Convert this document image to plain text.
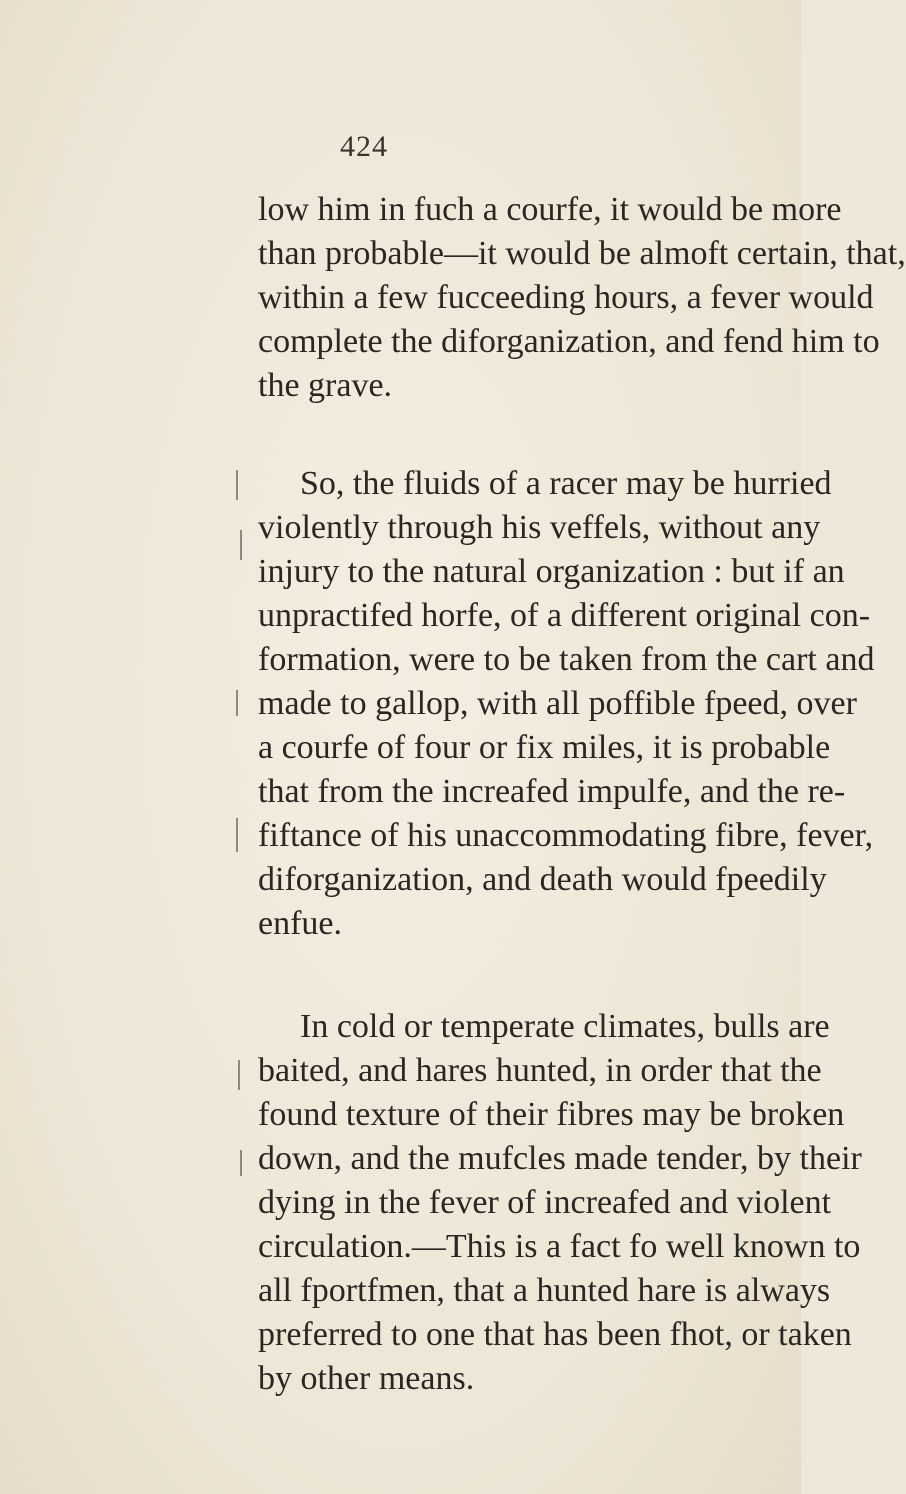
424
low him in fuch a courfe, it would be more
than probable—it would be almoft certain, that,
within a few fucceeding hours, a fever would
complete the diforganization, and fend him to
the grave.
So, the fluids of a racer may be hurried
violently through his veffels, without any
injury to the natural organization : but if an
unpractifed horfe, of a different original con-
formation, were to be taken from the cart and
made to gallop, with all poffible fpeed, over
a courfe of four or fix miles, it is probable
that from the increafed impulfe, and the re-
fiftance of his unaccommodating fibre, fever,
diforganization, and death would fpeedily
enfue.
In cold or temperate climates, bulls are
baited, and hares hunted, in order that the
found texture of their fibres may be broken
down, and the mufcles made tender, by their
dying in the fever of increafed and violent
circulation.—This is a fact fo well known to
all fportfmen, that a hunted hare is always
preferred to one that has been fhot, or taken
by other means.
